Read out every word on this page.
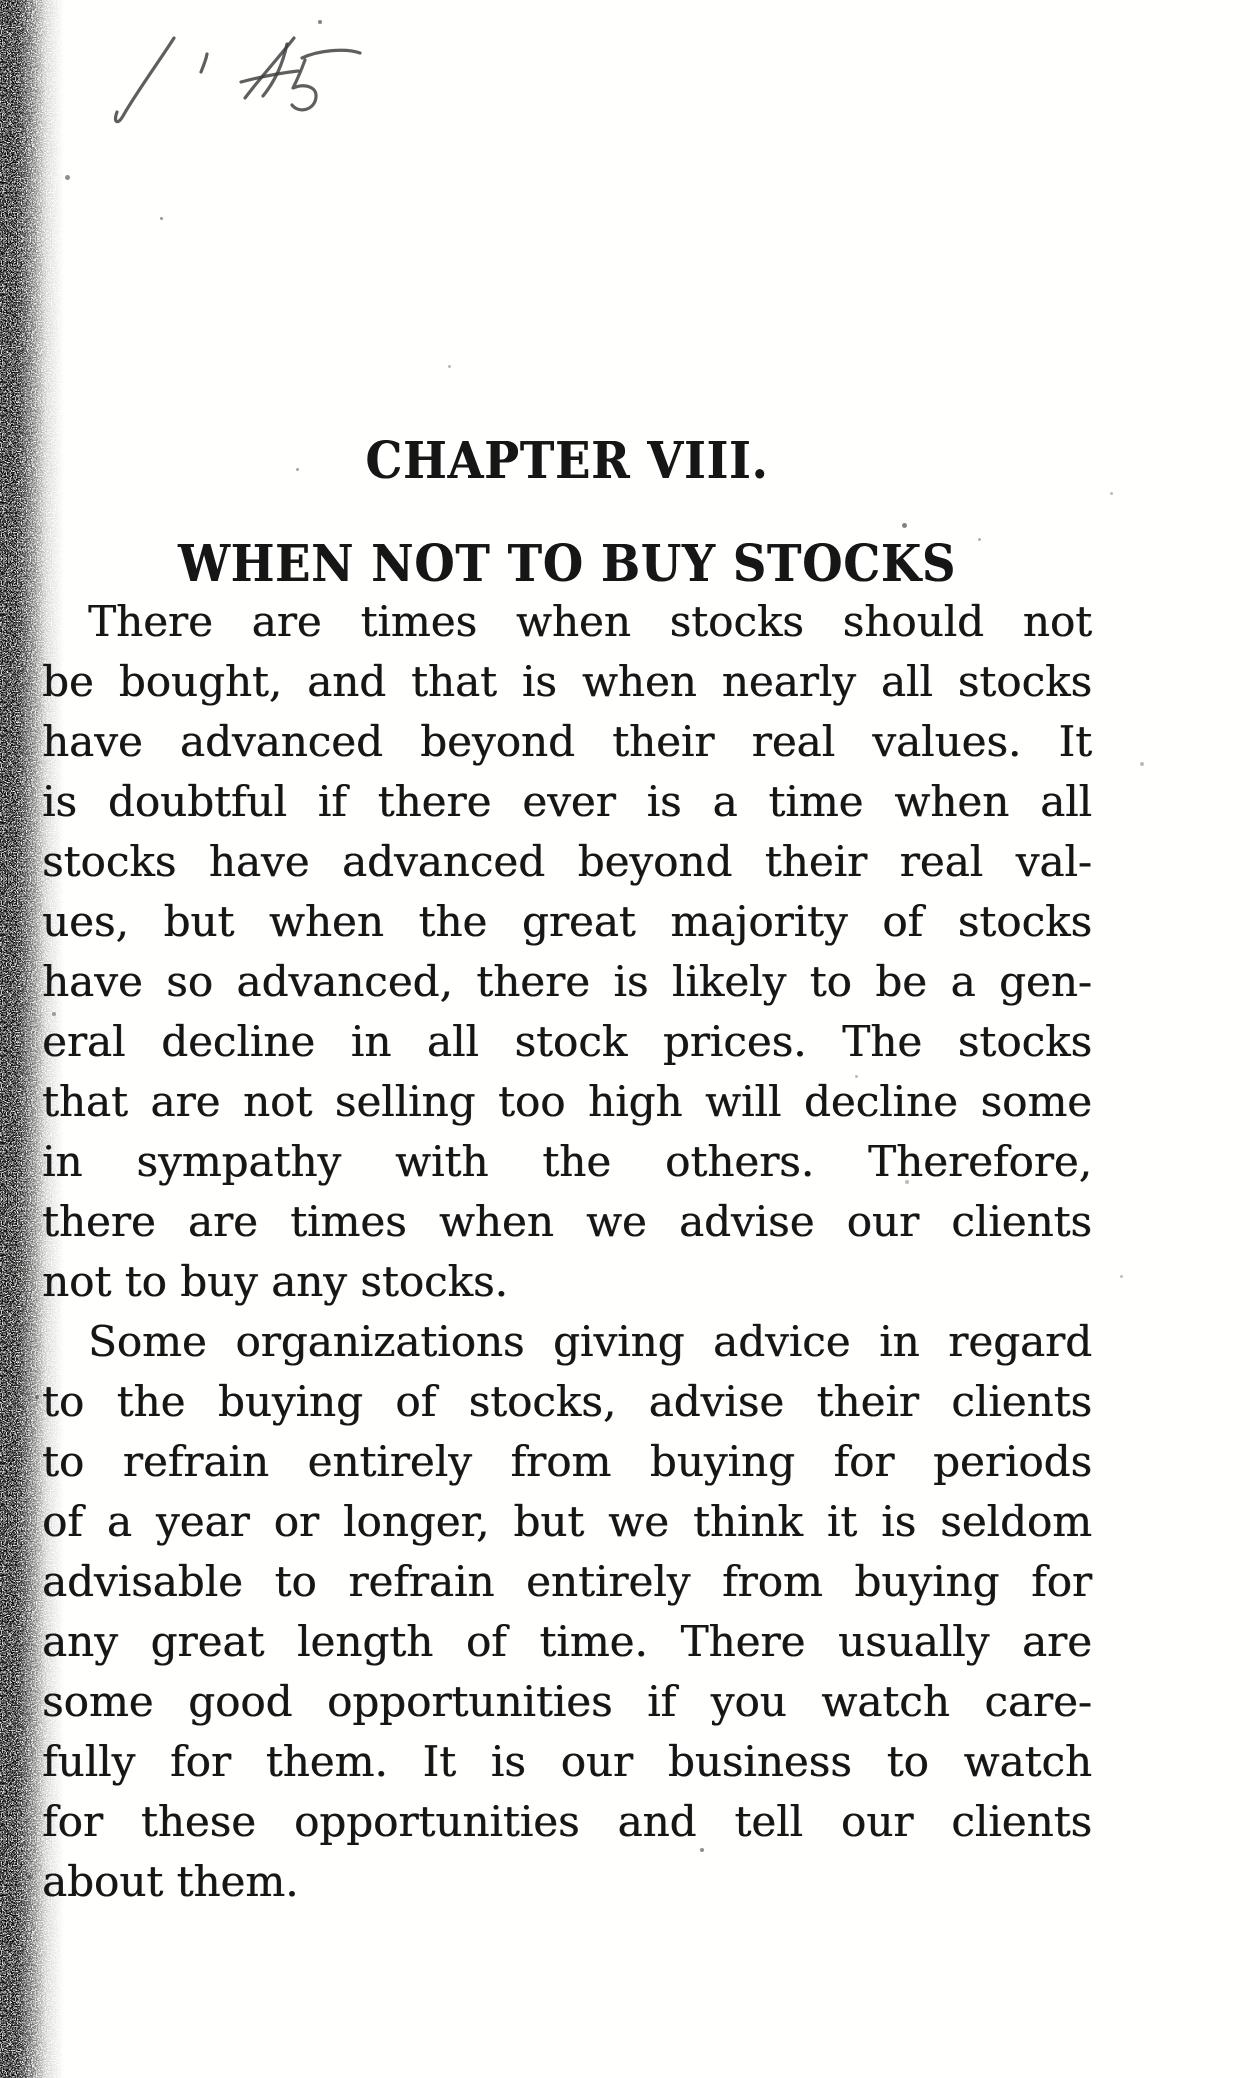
CHAPTER VIII.
WHEN NOT TO BUY STOCKS
There are times when stocks should not
be bought, and that is when nearly all stocks
have advanced beyond their real values. It
is doubtful if there ever is a time when all
stocks have advanced beyond their real val-
ues, but when the great majority of stocks
have so advanced, there is likely to be a gen-
eral decline in all stock prices. The stocks
that are not selling too high will decline some
in sympathy with the others. Therefore,
there are times when we advise our clients
not to buy any stocks.
Some organizations giving advice in regard
to the buying of stocks, advise their clients
to refrain entirely from buying for periods
of a year or longer, but we think it is seldom
advisable to refrain entirely from buying for
any great length of time. There usually are
some good opportunities if you watch care-
fully for them. It is our business to watch
for these opportunities and tell our clients
about them.
